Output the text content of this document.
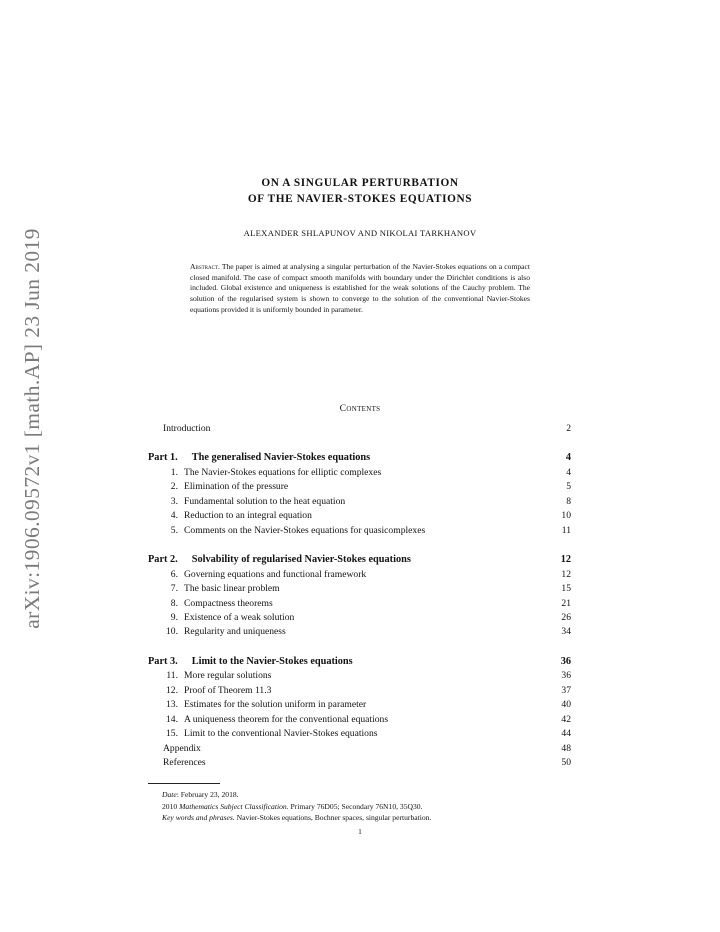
arXiv:1906.09572v1 [math.AP] 23 Jun 2019
ON A SINGULAR PERTURBATION
OF THE NAVIER-STOKES EQUATIONS
ALEXANDER SHLAPUNOV AND NIKOLAI TARKHANOV
Abstract. The paper is aimed at analysing a singular perturbation of the Navier-Stokes equations on a compact closed manifold. The case of compact smooth manifolds with boundary under the Dirichlet conditions is also included. Global existence and uniqueness is established for the weak solutions of the Cauchy problem. The solution of the regularised system is shown to converge to the solution of the conventional Navier-Stokes equations provided it is uniformly bounded in parameter.
Contents
Introduction	2
Part 1.	The generalised Navier-Stokes equations	4
1. The Navier-Stokes equations for elliptic complexes	4
2. Elimination of the pressure	5
3. Fundamental solution to the heat equation	8
4. Reduction to an integral equation	10
5. Comments on the Navier-Stokes equations for quasicomplexes	11
Part 2.	Solvability of regularised Navier-Stokes equations	12
6. Governing equations and functional framework	12
7. The basic linear problem	15
8. Compactness theorems	21
9. Existence of a weak solution	26
10. Regularity and uniqueness	34
Part 3.	Limit to the Navier-Stokes equations	36
11. More regular solutions	36
12. Proof of Theorem 11.3	37
13. Estimates for the solution uniform in parameter	40
14. A uniqueness theorem for the conventional equations	42
15. Limit to the conventional Navier-Stokes equations	44
Appendix	48
References	50
Date: February 23, 2018.
2010 Mathematics Subject Classification. Primary 76D05; Secondary 76N10, 35Q30.
Key words and phrases. Navier-Stokes equations, Bochner spaces, singular perturbation.
1
